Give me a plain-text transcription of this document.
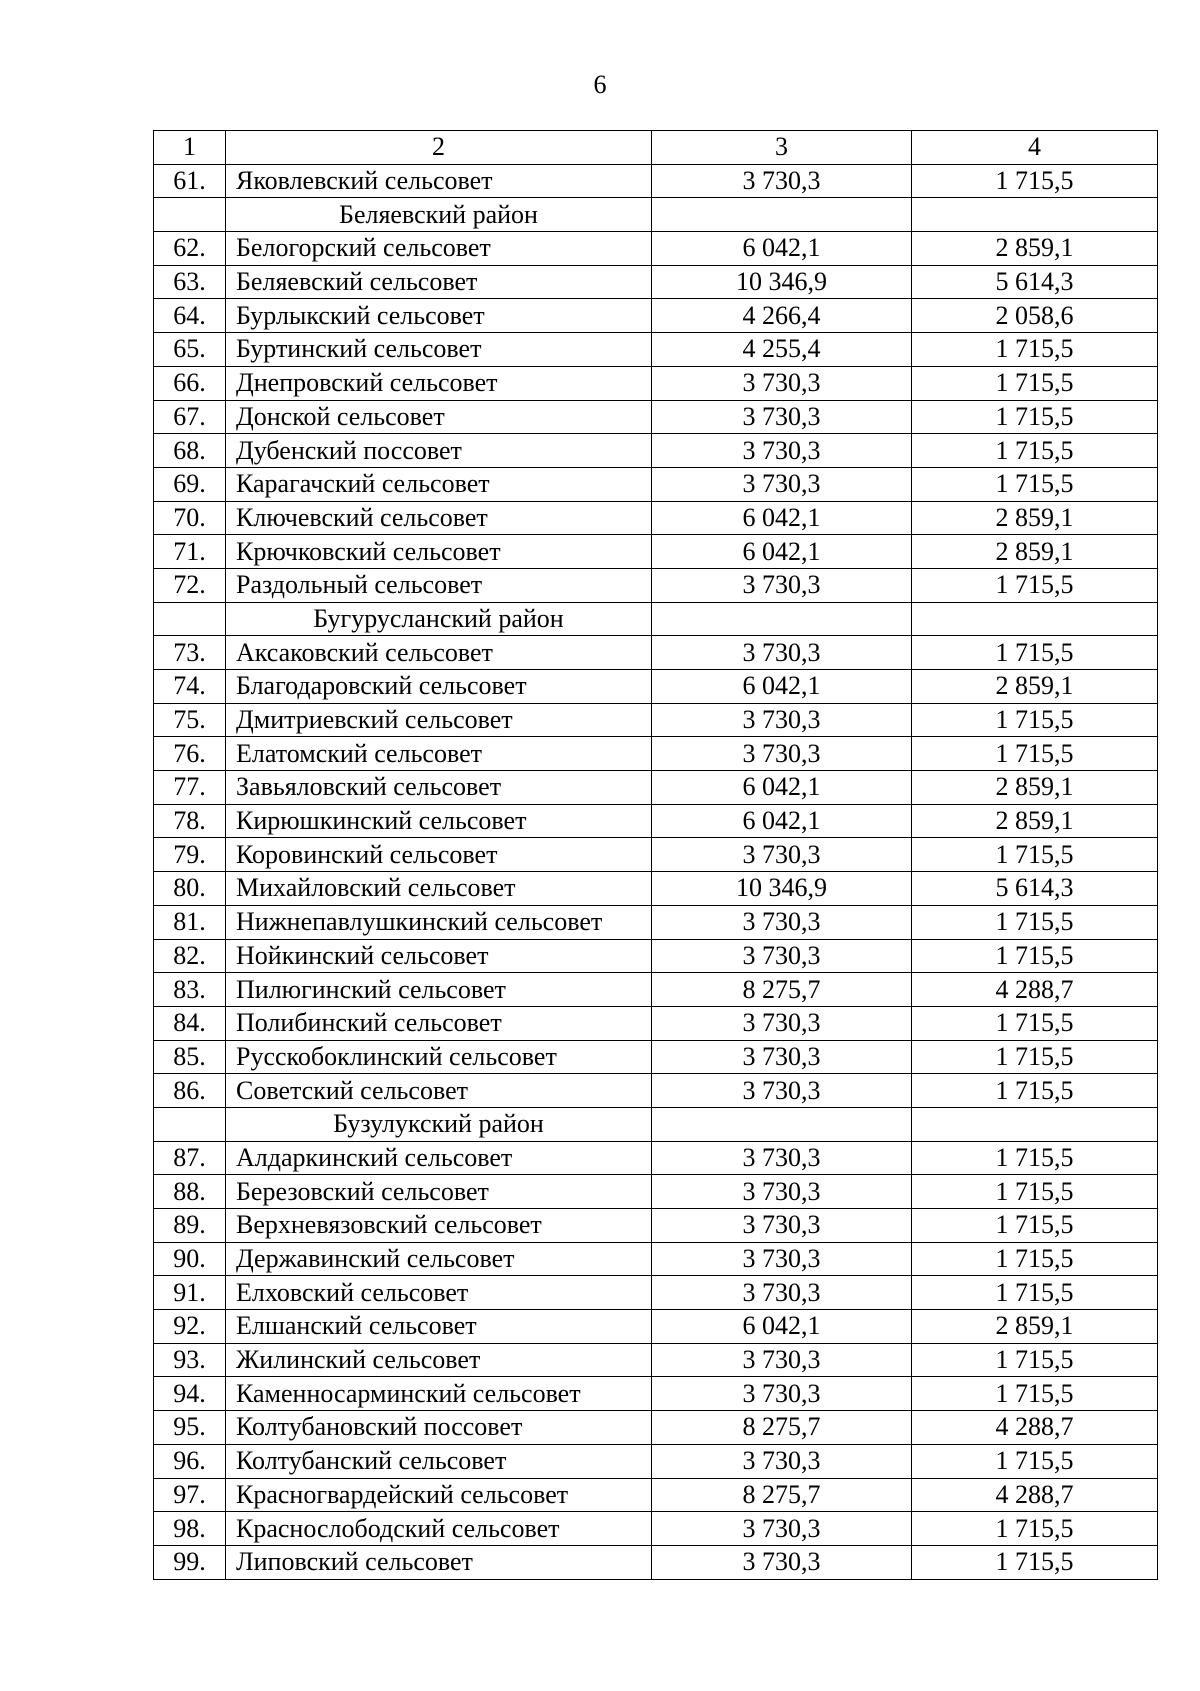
6
1	2	3	4
61.	Яковлевский сельсовет	3 730,3	1 715,5
	Беляевский район		
62.	Белогорский сельсовет	6 042,1	2 859,1
63.	Беляевский сельсовет	10 346,9	5 614,3
64.	Бурлыкский сельсовет	4 266,4	2 058,6
65.	Буртинский сельсовет	4 255,4	1 715,5
66.	Днепровский сельсовет	3 730,3	1 715,5
67.	Донской сельсовет	3 730,3	1 715,5
68.	Дубенский поссовет	3 730,3	1 715,5
69.	Карагачский сельсовет	3 730,3	1 715,5
70.	Ключевский сельсовет	6 042,1	2 859,1
71.	Крючковский сельсовет	6 042,1	2 859,1
72.	Раздольный сельсовет	3 730,3	1 715,5
	Бугурусланский район		
73.	Аксаковский сельсовет	3 730,3	1 715,5
74.	Благодаровский сельсовет	6 042,1	2 859,1
75.	Дмитриевский сельсовет	3 730,3	1 715,5
76.	Елатомский сельсовет	3 730,3	1 715,5
77.	Завьяловский сельсовет	6 042,1	2 859,1
78.	Кирюшкинский сельсовет	6 042,1	2 859,1
79.	Коровинский сельсовет	3 730,3	1 715,5
80.	Михайловский сельсовет	10 346,9	5 614,3
81.	Нижнепавлушкинский сельсовет	3 730,3	1 715,5
82.	Нойкинский сельсовет	3 730,3	1 715,5
83.	Пилюгинский сельсовет	8 275,7	4 288,7
84.	Полибинский сельсовет	3 730,3	1 715,5
85.	Русскобоклинский сельсовет	3 730,3	1 715,5
86.	Советский сельсовет	3 730,3	1 715,5
	Бузулукский район		
87.	Алдаркинский сельсовет	3 730,3	1 715,5
88.	Березовский сельсовет	3 730,3	1 715,5
89.	Верхневязовский сельсовет	3 730,3	1 715,5
90.	Державинский сельсовет	3 730,3	1 715,5
91.	Елховский сельсовет	3 730,3	1 715,5
92.	Елшанский сельсовет	6 042,1	2 859,1
93.	Жилинский сельсовет	3 730,3	1 715,5
94.	Каменносарминский сельсовет	3 730,3	1 715,5
95.	Колтубановский поссовет	8 275,7	4 288,7
96.	Колтубанский сельсовет	3 730,3	1 715,5
97.	Красногвардейский сельсовет	8 275,7	4 288,7
98.	Краснослободский сельсовет	3 730,3	1 715,5
99.	Липовский сельсовет	3 730,3	1 715,5
